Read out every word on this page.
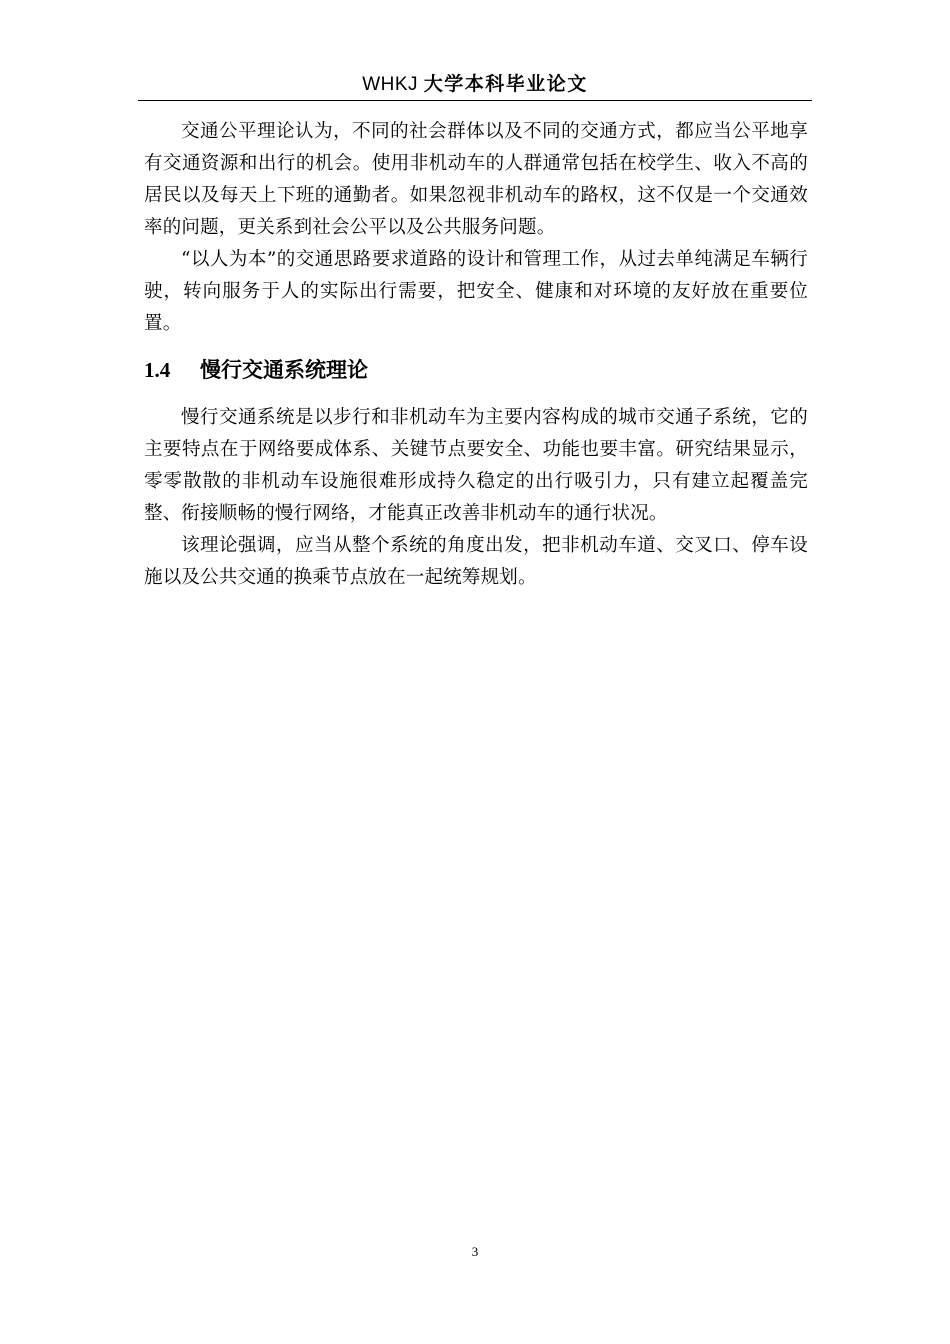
WHKJ 大学本科毕业论文

交通公平理论认为，不同的社会群体以及不同的交通方式，都应当公平地享有交通资源和出行的机会。使用非机动车的人群通常包括在校学生、收入不高的居民以及每天上下班的通勤者。如果忽视非机动车的路权，这不仅是一个交通效率的问题，更关系到社会公平以及公共服务问题。

“以人为本”的交通思路要求道路的设计和管理工作，从过去单纯满足车辆行驶，转向服务于人的实际出行需要，把安全、健康和对环境的友好放在重要位置。

1.4 慢行交通系统理论

慢行交通系统是以步行和非机动车为主要内容构成的城市交通子系统，它的主要特点在于网络要成体系、关键节点要安全、功能也要丰富。研究结果显示，零零散散的非机动车设施很难形成持久稳定的出行吸引力，只有建立起覆盖完整、衔接顺畅的慢行网络，才能真正改善非机动车的通行状况。

该理论强调，应当从整个系统的角度出发，把非机动车道、交叉口、停车设施以及公共交通的换乘节点放在一起统筹规划。

3
